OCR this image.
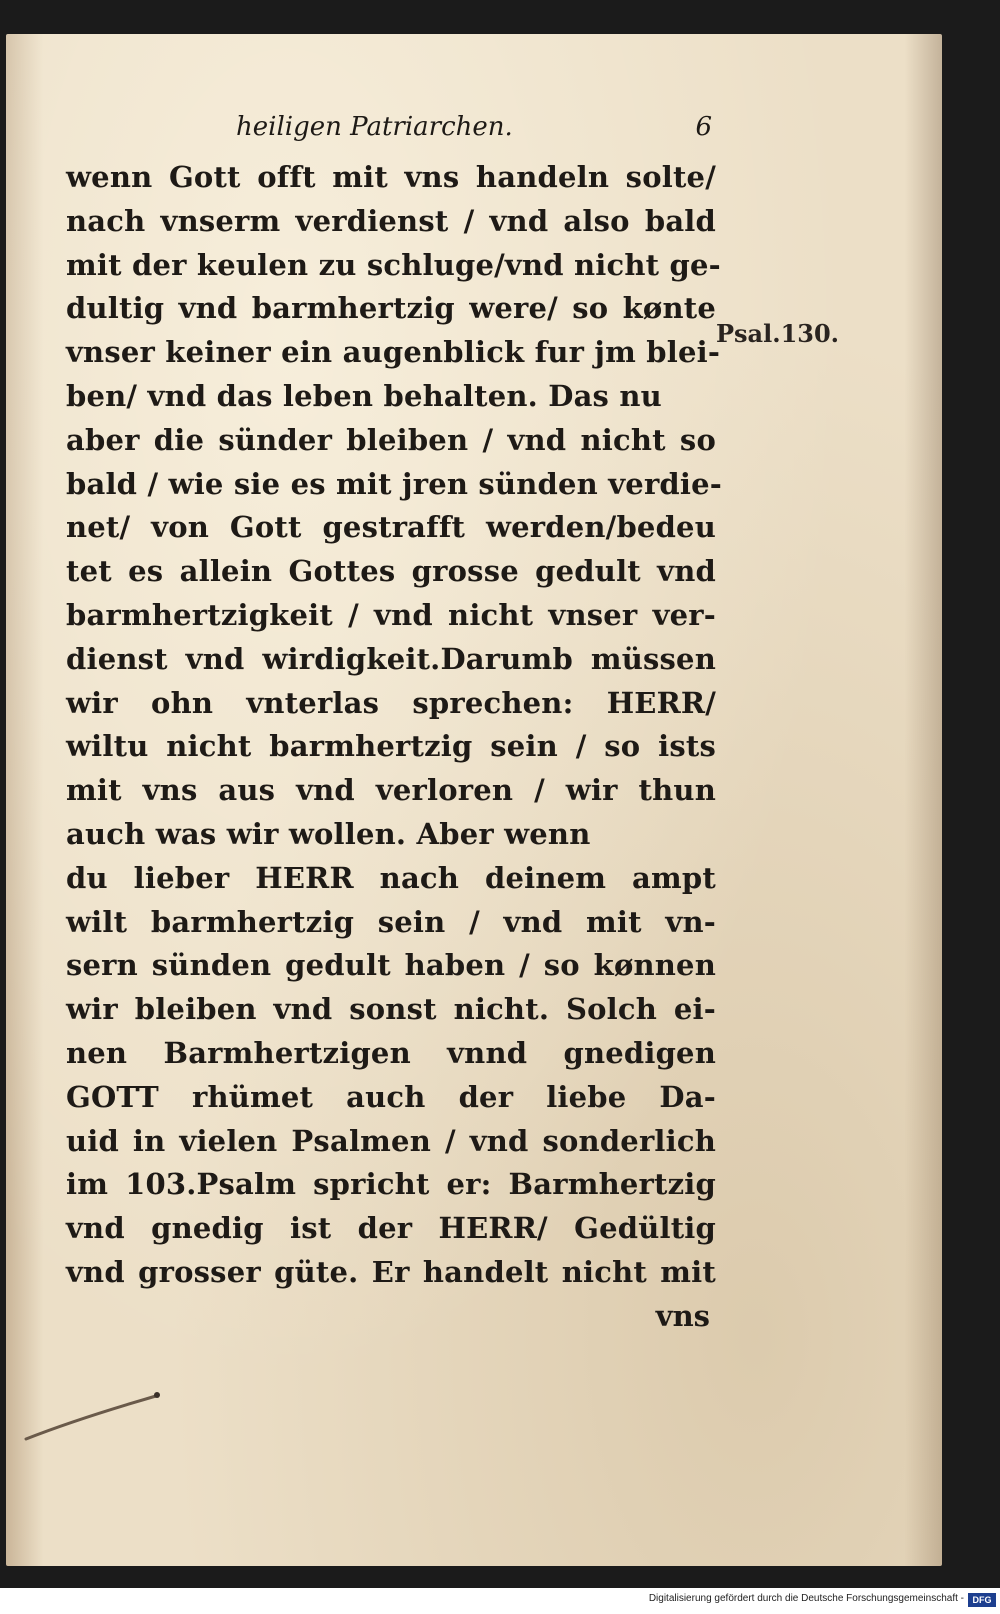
heiligen Patriarchen.	6
wenn Gott offt mit vns handeln solte/
nach vnserm verdienst / vnd also bald
mit der keulen zu schluge/vnd nicht ge-
dultig vnd barmhertzig were/ so kønte
vnser keiner ein augenblick fur jm blei-
ben/ vnd das leben behalten. Das nu
aber die sünder bleiben / vnd nicht so
bald / wie sie es mit jren sünden verdie-
net/ von Gott gestrafft werden/bedeu
tet es allein Gottes grosse gedult vnd
barmhertzigkeit / vnd nicht vnser ver-
dienst vnd wirdigkeit.Darumb müssen
wir ohn vnterlas sprechen: HERR/
wiltu nicht barmhertzig sein / so ists
mit vns aus vnd verloren / wir thun
auch was wir wollen. Aber wenn
du lieber HERR nach deinem ampt
wilt barmhertzig sein / vnd mit vn-
sern sünden gedult haben / so kønnen
wir bleiben vnd sonst nicht. Solch ei-
nen Barmhertzigen vnnd gnedigen
GOTT rhümet auch der liebe Da-
uid in vielen Psalmen / vnd sonderlich
im 103.Psalm spricht er: Barmhertzig
vnd gnedig ist der HERR/ Gedültig
vnd grosser güte. Er handelt nicht mit
vns
Psal.130.
Digitalisierung gefördert durch die Deutsche Forschungsgemeinschaft - DFG
